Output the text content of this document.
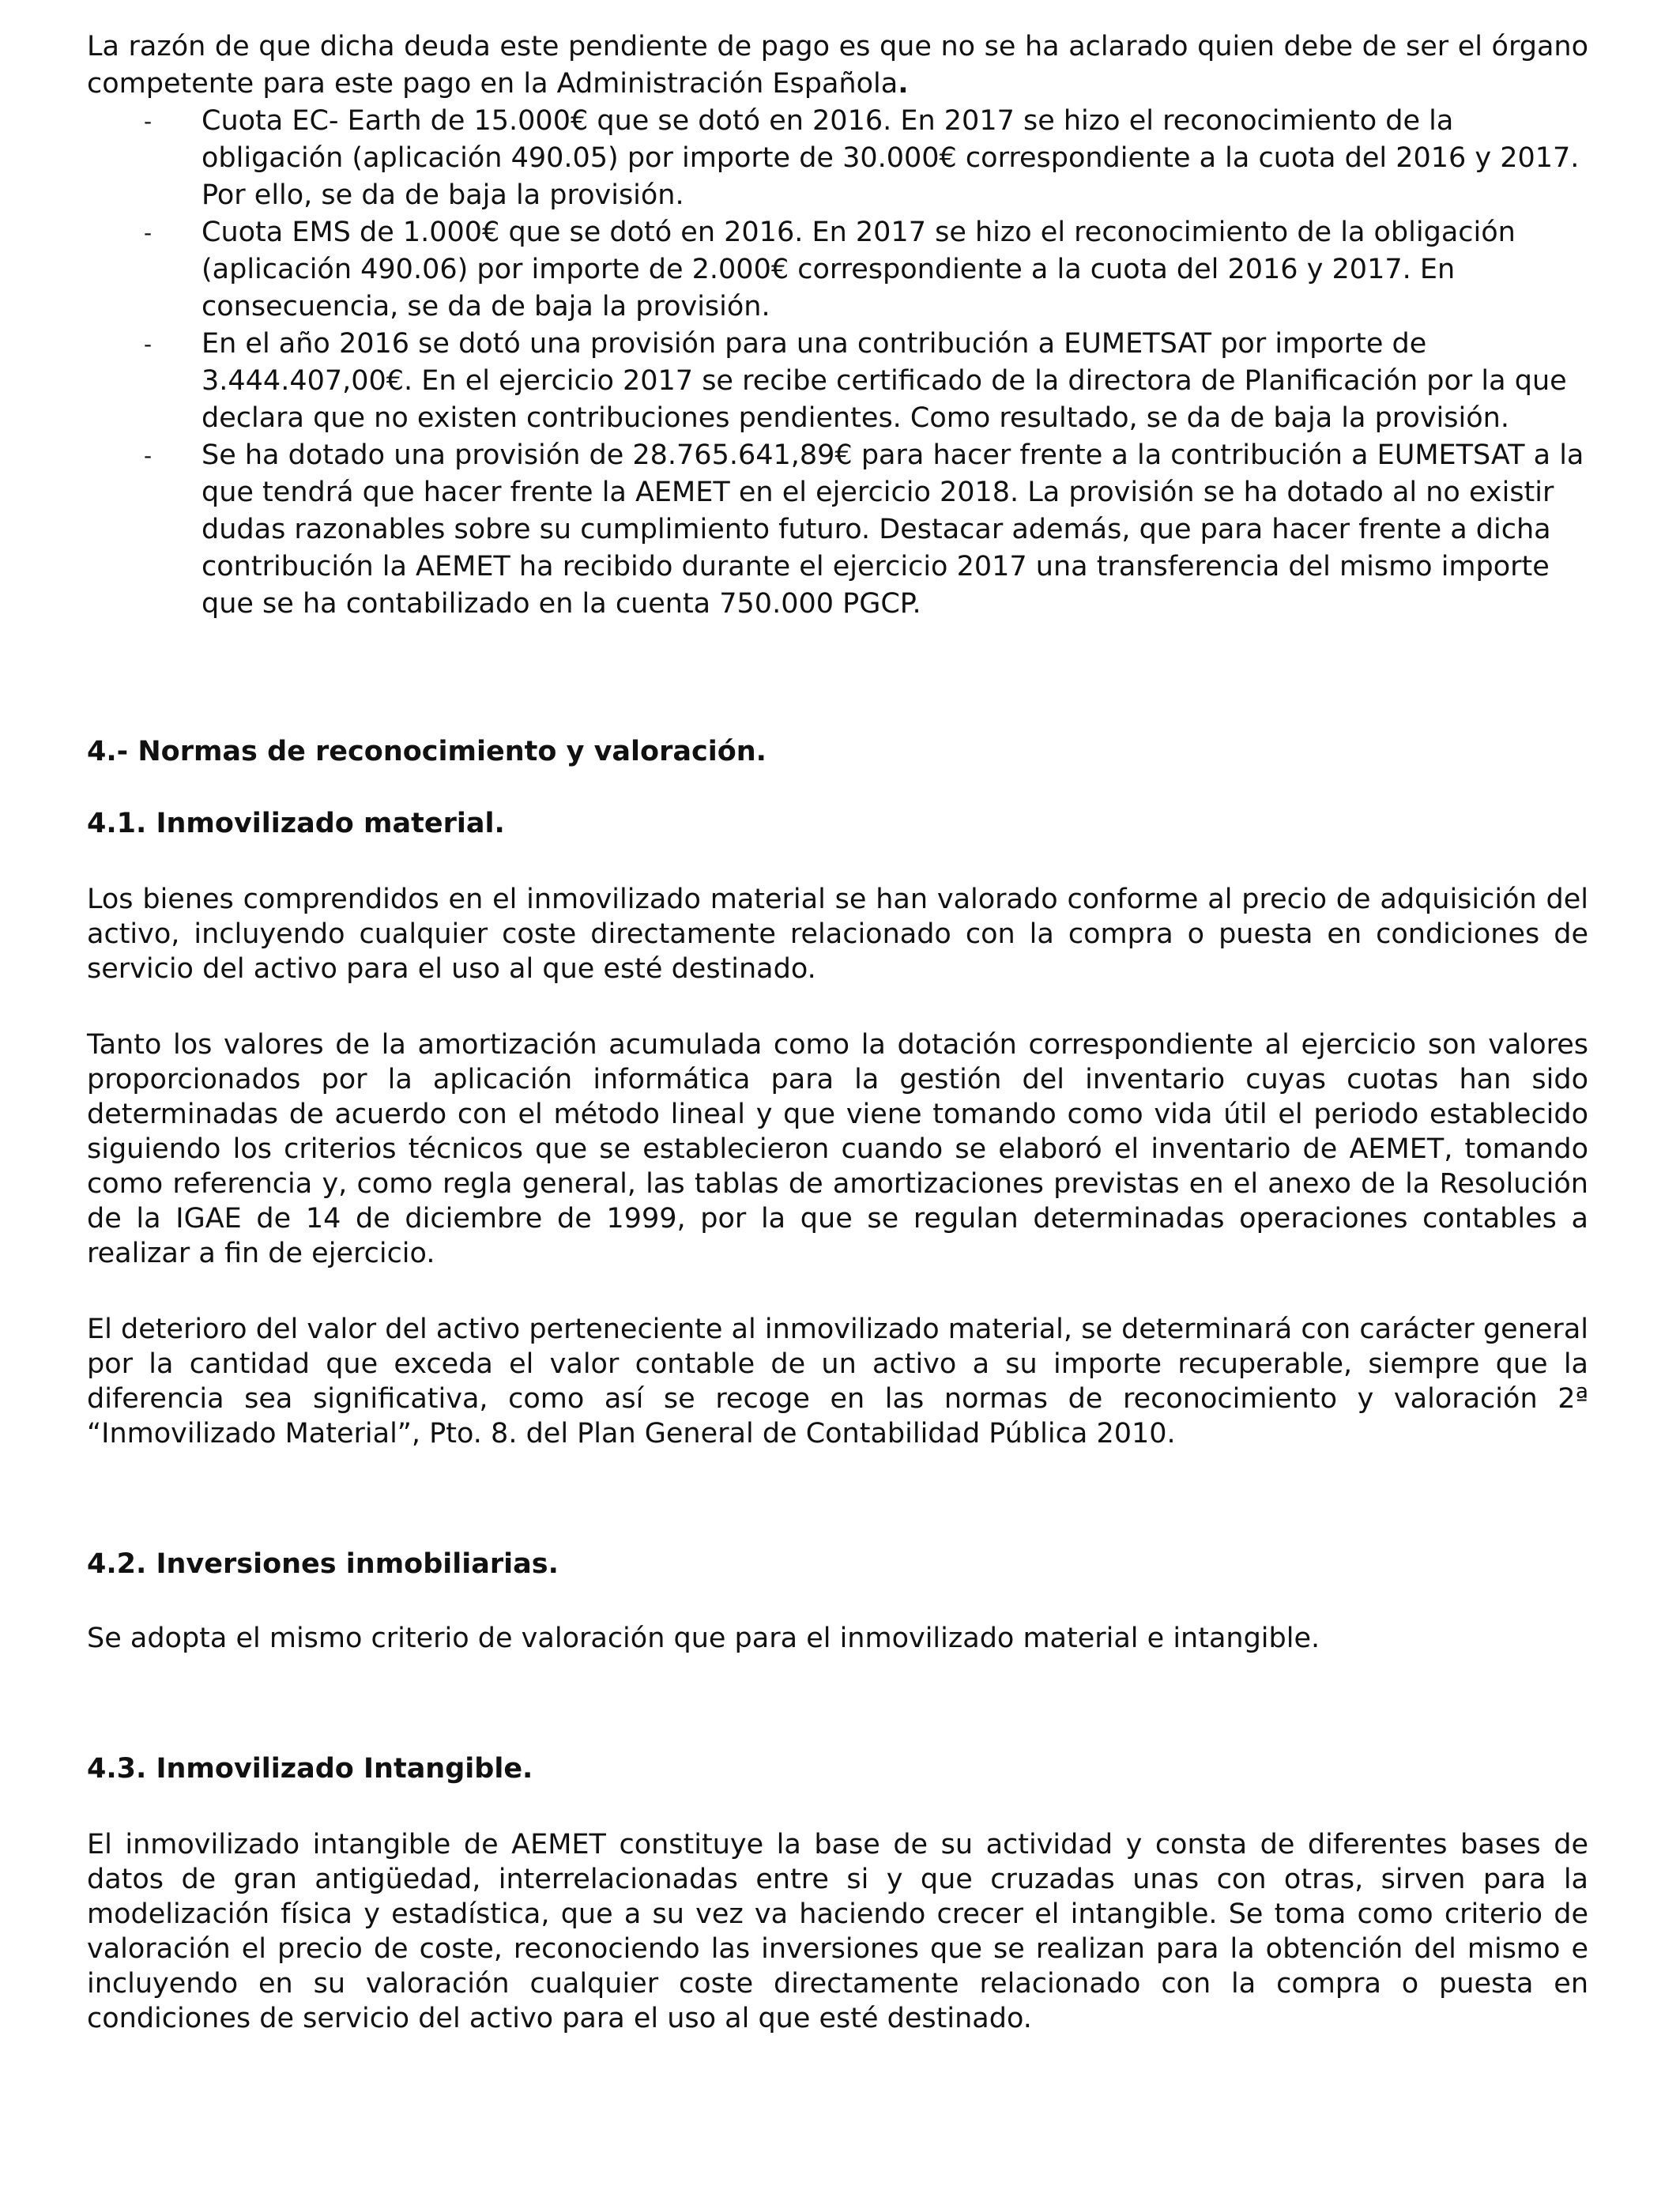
La razón de que dicha deuda este pendiente de pago es que no se ha aclarado quien debe de ser el órgano competente para este pago en la Administración Española.

- Cuota EC- Earth de 15.000€ que se dotó en 2016. En 2017 se hizo el reconocimiento de la obligación (aplicación 490.05) por importe de 30.000€ correspondiente a la cuota del 2016 y 2017. Por ello, se da de baja la provisión.
- Cuota EMS de 1.000€ que se dotó en 2016. En 2017 se hizo el reconocimiento de la obligación (aplicación 490.06) por importe de 2.000€ correspondiente a la cuota del 2016 y 2017. En consecuencia, se da de baja la provisión.
- En el año 2016 se dotó una provisión para una contribución a EUMETSAT por importe de 3.444.407,00€. En el ejercicio 2017 se recibe certificado de la directora de Planificación por la que declara que no existen contribuciones pendientes. Como resultado, se da de baja la provisión.
- Se ha dotado una provisión de 28.765.641,89€ para hacer frente a la contribución a EUMETSAT a la que tendrá que hacer frente la AEMET en el ejercicio 2018. La provisión se ha dotado al no existir dudas razonables sobre su cumplimiento futuro. Destacar además, que para hacer frente a dicha contribución la AEMET ha recibido durante el ejercicio 2017 una transferencia del mismo importe que se ha contabilizado en la cuenta 750.000 PGCP.
4.- Normas de reconocimiento y valoración.
4.1. Inmovilizado material.

Los bienes comprendidos en el inmovilizado material se han valorado conforme al precio de adquisición del activo, incluyendo cualquier coste directamente relacionado con la compra o puesta en condiciones de servicio del activo para el uso al que esté destinado.

Tanto los valores de la amortización acumulada como la dotación correspondiente al ejercicio son valores proporcionados por la aplicación informática para la gestión del inventario cuyas cuotas han sido determinadas de acuerdo con el método lineal y que viene tomando como vida útil el periodo establecido siguiendo los criterios técnicos que se establecieron cuando se elaboró el inventario de AEMET, tomando como referencia y, como regla general, las tablas de amortizaciones previstas en el anexo de la Resolución de la IGAE de 14 de diciembre de 1999, por la que se regulan determinadas operaciones contables a realizar a fin de ejercicio.

El deterioro del valor del activo perteneciente al inmovilizado material, se determinará con carácter general por la cantidad que exceda el valor contable de un activo a su importe recuperable, siempre que la diferencia sea significativa, como así se recoge en las normas de reconocimiento y valoración 2ª “Inmovilizado Material”, Pto. 8. del Plan General de Contabilidad Pública 2010.

4.2. Inversiones inmobiliarias.

Se adopta el mismo criterio de valoración que para el inmovilizado material e intangible.

4.3. Inmovilizado Intangible.

El inmovilizado intangible de AEMET constituye la base de su actividad y consta de diferentes bases de datos de gran antigüedad, interrelacionadas entre si y que cruzadas unas con otras, sirven para la modelización física y estadística, que a su vez va haciendo crecer el intangible. Se toma como criterio de valoración el precio de coste, reconociendo las inversiones que se realizan para la obtención del mismo e incluyendo en su valoración cualquier coste directamente relacionado con la compra o puesta en condiciones de servicio del activo para el uso al que esté destinado.
